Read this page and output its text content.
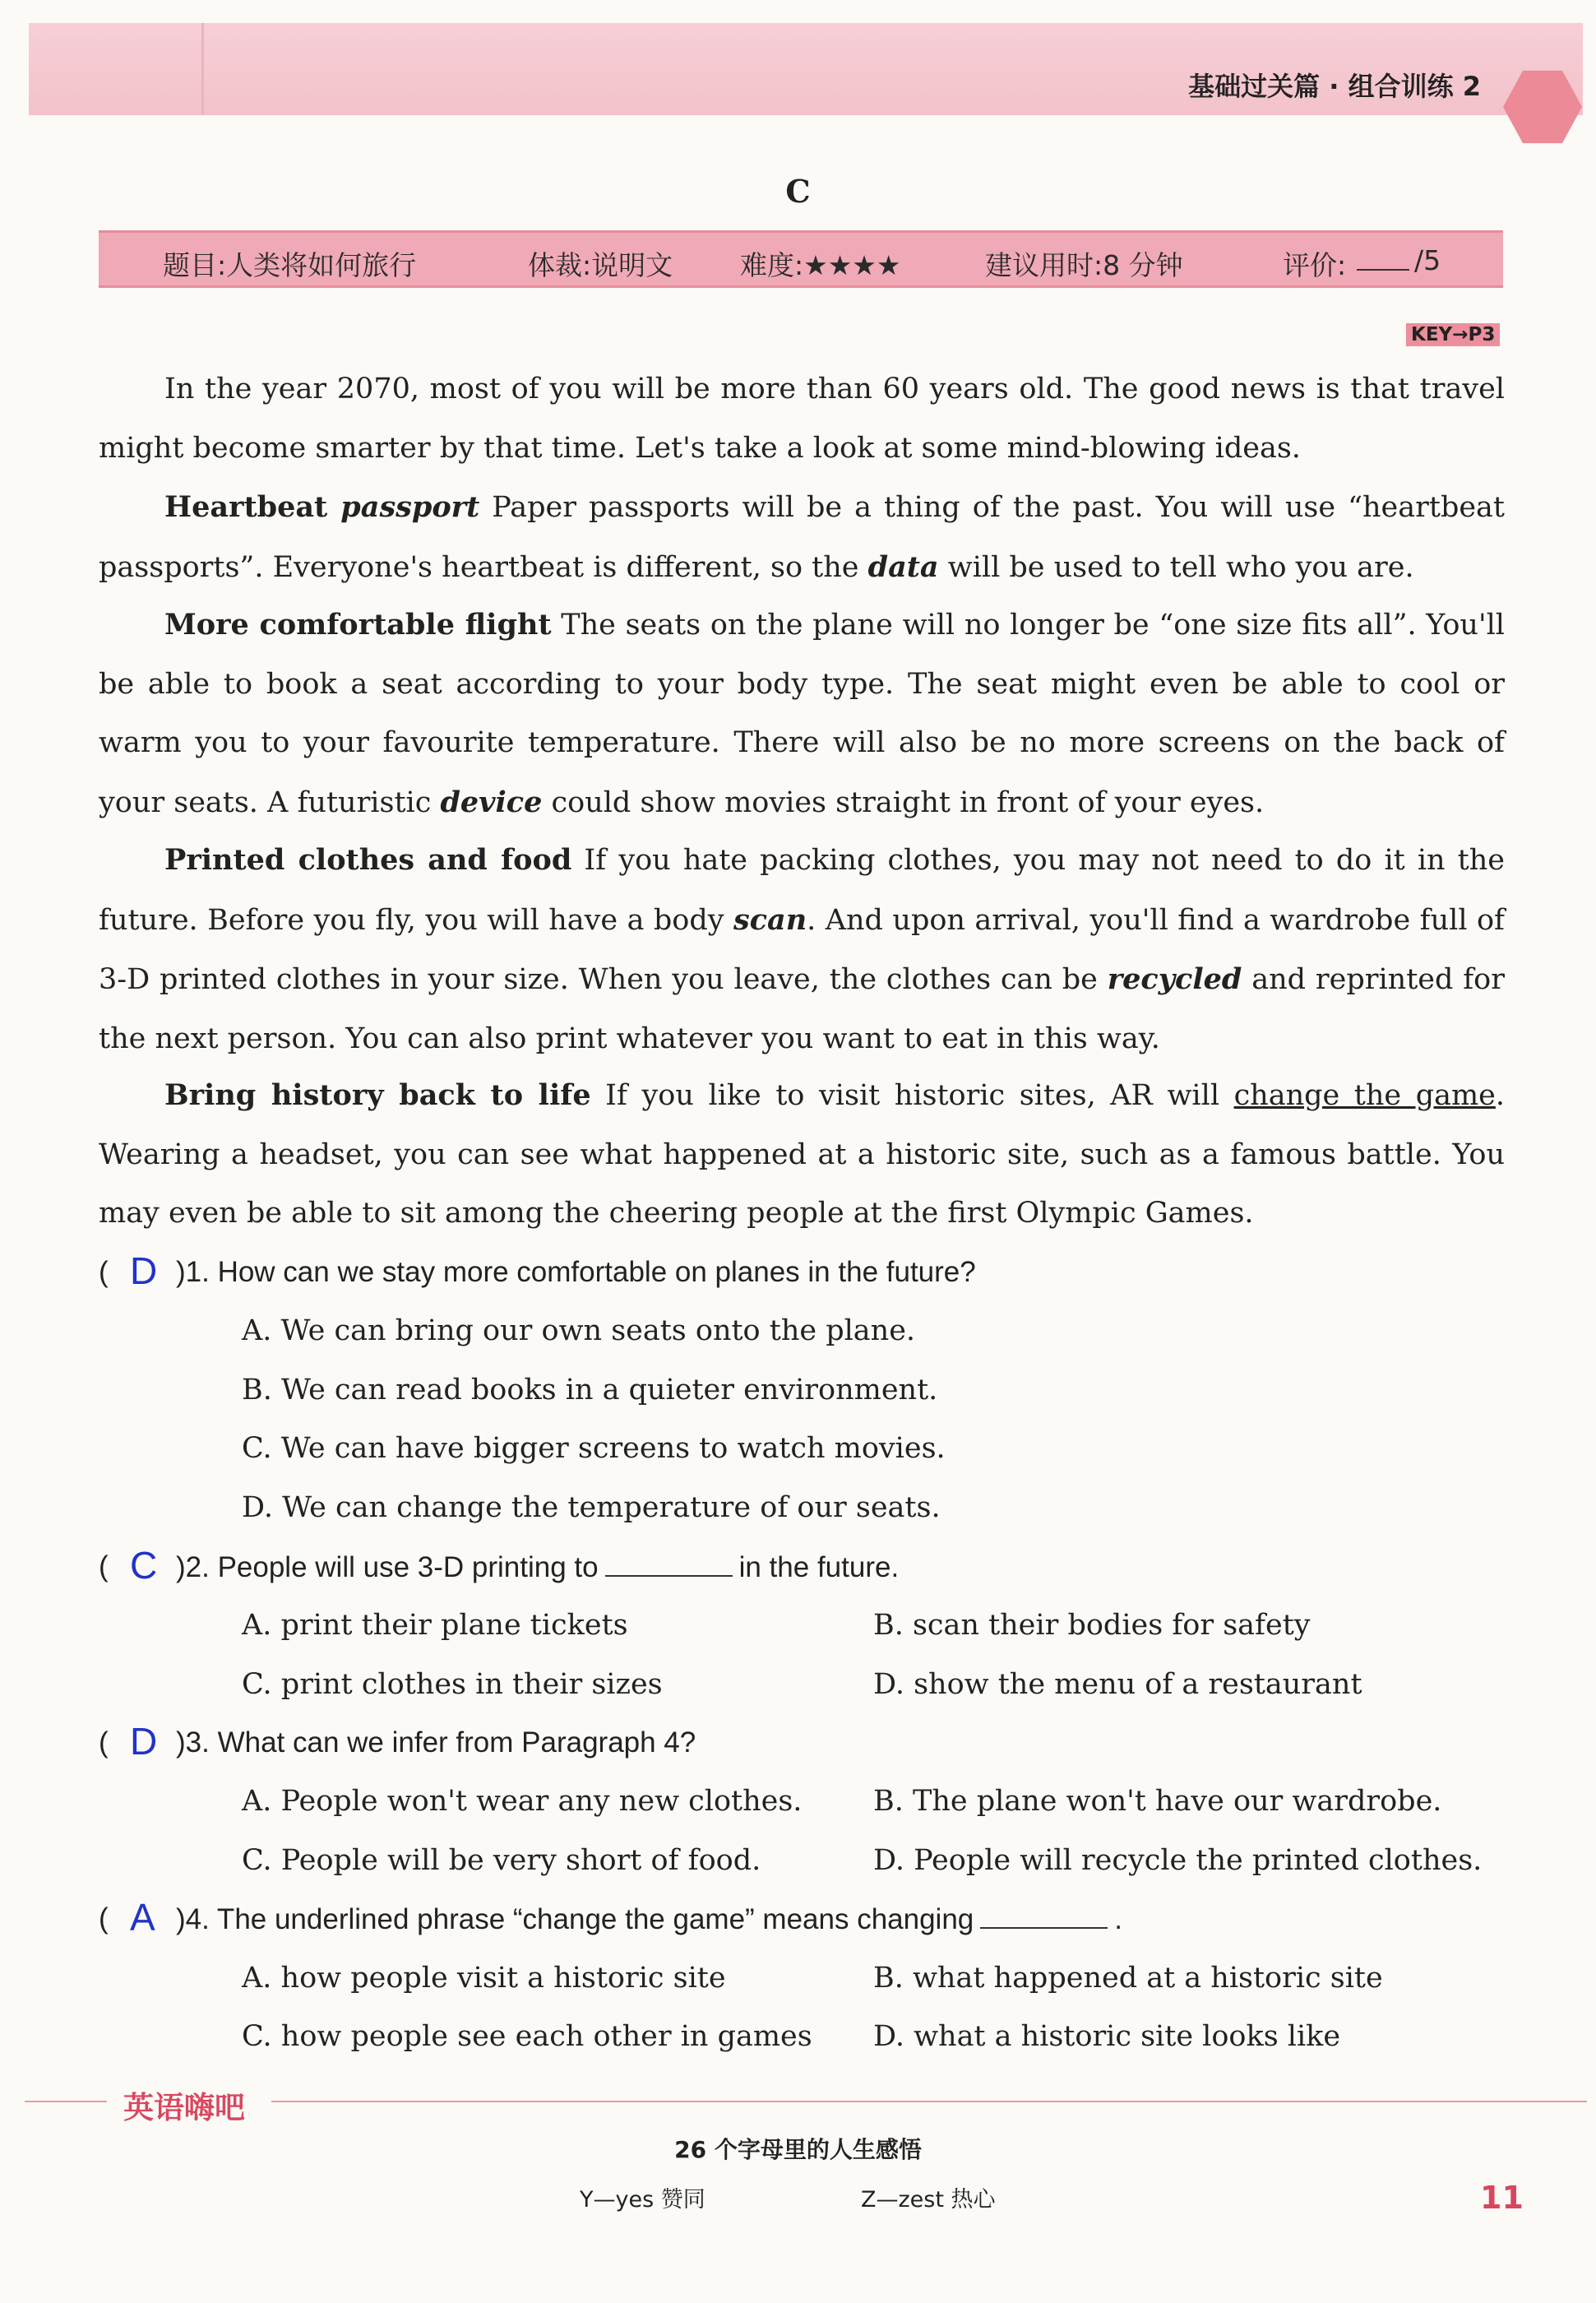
基础过关篇 · 组合训练 2
C
题目:人类将如何旅行	体裁:说明文 难度:★★★★	建议用时:8 分钟	评价:	/5
KEY→P3
In the year 2070, most of you will be more than 60 years old. The good news is that travel might become smarter by that time. Let's take a look at some mind-blowing ideas.
Heartbeat passport Paper passports will be a thing of the past. You will use “heartbeat passports”. Everyone's heartbeat is different, so the data will be used to tell who you are.
More comfortable flight The seats on the plane will no longer be “one size fits all”. You'll be able to book a seat according to your body type. The seat might even be able to cool or warm you to your favourite temperature. There will also be no more screens on the back of your seats. A futuristic device could show movies straight in front of your eyes.
Printed clothes and food If you hate packing clothes, you may not need to do it in the future. Before you fly, you will have a body scan. And upon arrival, you'll find a wardrobe full of 3-D printed clothes in your size. When you leave, the clothes can be recycled and reprinted for the next person. You can also print whatever you want to eat in this way.
Bring history back to life If you like to visit historic sites, AR will change the game. Wearing a headset, you can see what happened at a historic site, such as a famous battle. You may even be able to sit among the cheering people at the first Olympic Games.
( D )1. How can we stay more comfortable on planes in the future?
A. We can bring our own seats onto the plane.
B. We can read books in a quieter environment.
C. We can have bigger screens to watch movies.
D. We can change the temperature of our seats.
( C )2. People will use 3-D printing to	in the future.
A. print their plane tickets	B. scan their bodies for safety
C. print clothes in their sizes	D. show the menu of a restaurant
( D )3. What can we infer from Paragraph 4?
A. People won't wear any new clothes. B. The plane won't have our wardrobe.
C. People will be very short of food.	D. People will recycle the printed clothes.
( A )4. The underlined phrase “change the game” means changing	.
A. how people visit a historic site	B. what happened at a historic site
C. how people see each other in games D. what a historic site looks like
英语嗨吧
26 个字母里的人生感悟
Y—yes 赞同	Z—zest 热心	11
